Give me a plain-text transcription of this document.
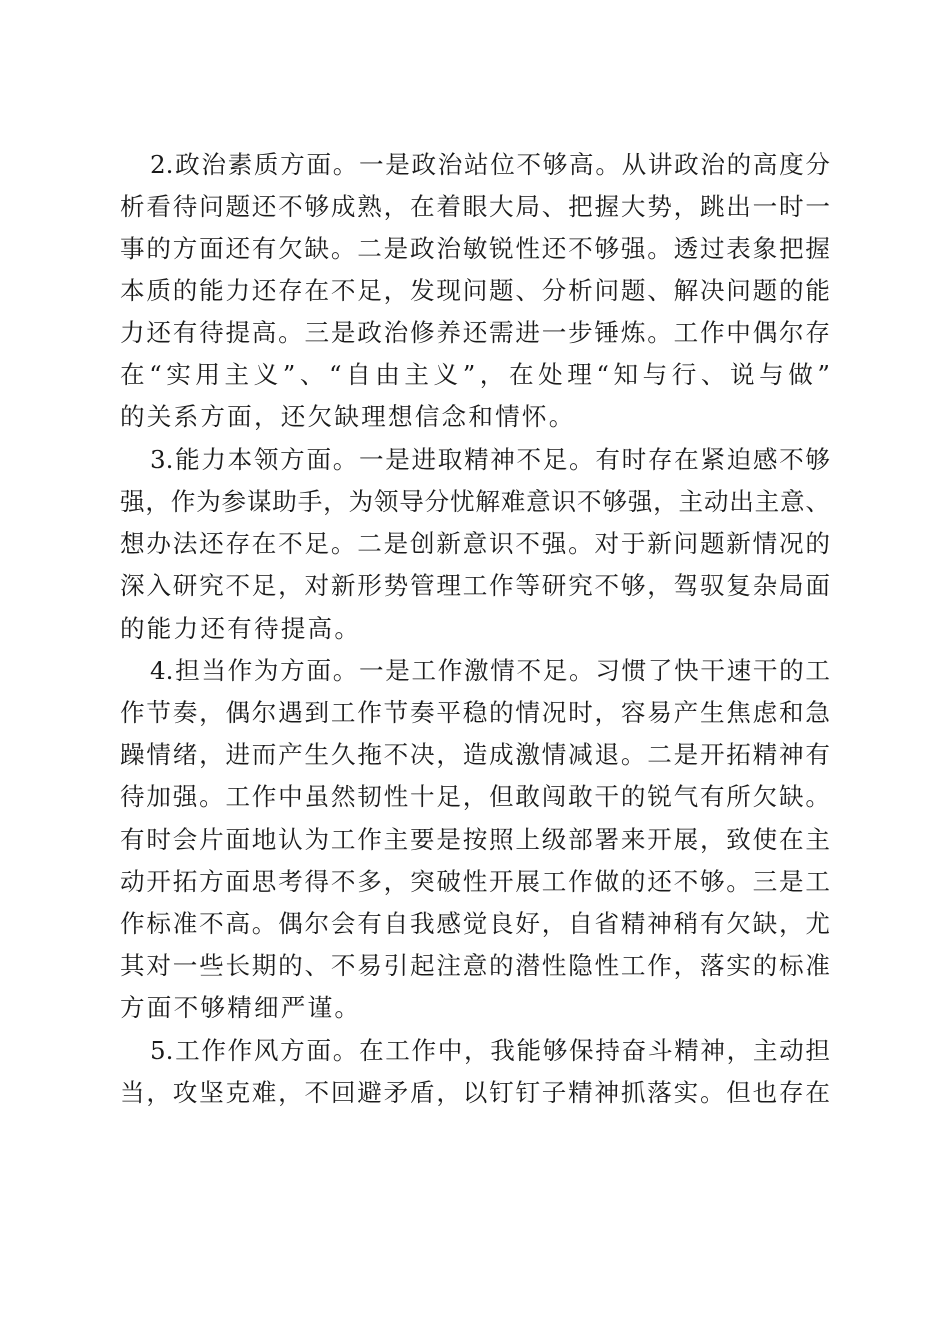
2.政治素质方面。一是政治站位不够高。从讲政治的高度分
析看待问题还不够成熟，在着眼大局、把握大势，跳出一时一
事的方面还有欠缺。二是政治敏锐性还不够强。透过表象把握
本质的能力还存在不足，发现问题、分析问题、解决问题的能
力还有待提高。三是政治修养还需进一步锤炼。工作中偶尔存
在“实用主义”、“自由主义”，在处理“知与行、说与做”
的关系方面，还欠缺理想信念和情怀。
3.能力本领方面。一是进取精神不足。有时存在紧迫感不够
强，作为参谋助手，为领导分忧解难意识不够强，主动出主意、
想办法还存在不足。二是创新意识不强。对于新问题新情况的
深入研究不足，对新形势管理工作等研究不够，驾驭复杂局面
的能力还有待提高。
4.担当作为方面。一是工作激情不足。习惯了快干速干的工
作节奏，偶尔遇到工作节奏平稳的情况时，容易产生焦虑和急
躁情绪，进而产生久拖不决，造成激情减退。二是开拓精神有
待加强。工作中虽然韧性十足，但敢闯敢干的锐气有所欠缺。
有时会片面地认为工作主要是按照上级部署来开展，致使在主
动开拓方面思考得不多，突破性开展工作做的还不够。三是工
作标准不高。偶尔会有自我感觉良好，自省精神稍有欠缺，尤
其对一些长期的、不易引起注意的潜性隐性工作，落实的标准
方面不够精细严谨。
5.工作作风方面。在工作中，我能够保持奋斗精神，主动担
当，攻坚克难，不回避矛盾，以钉钉子精神抓落实。但也存在
